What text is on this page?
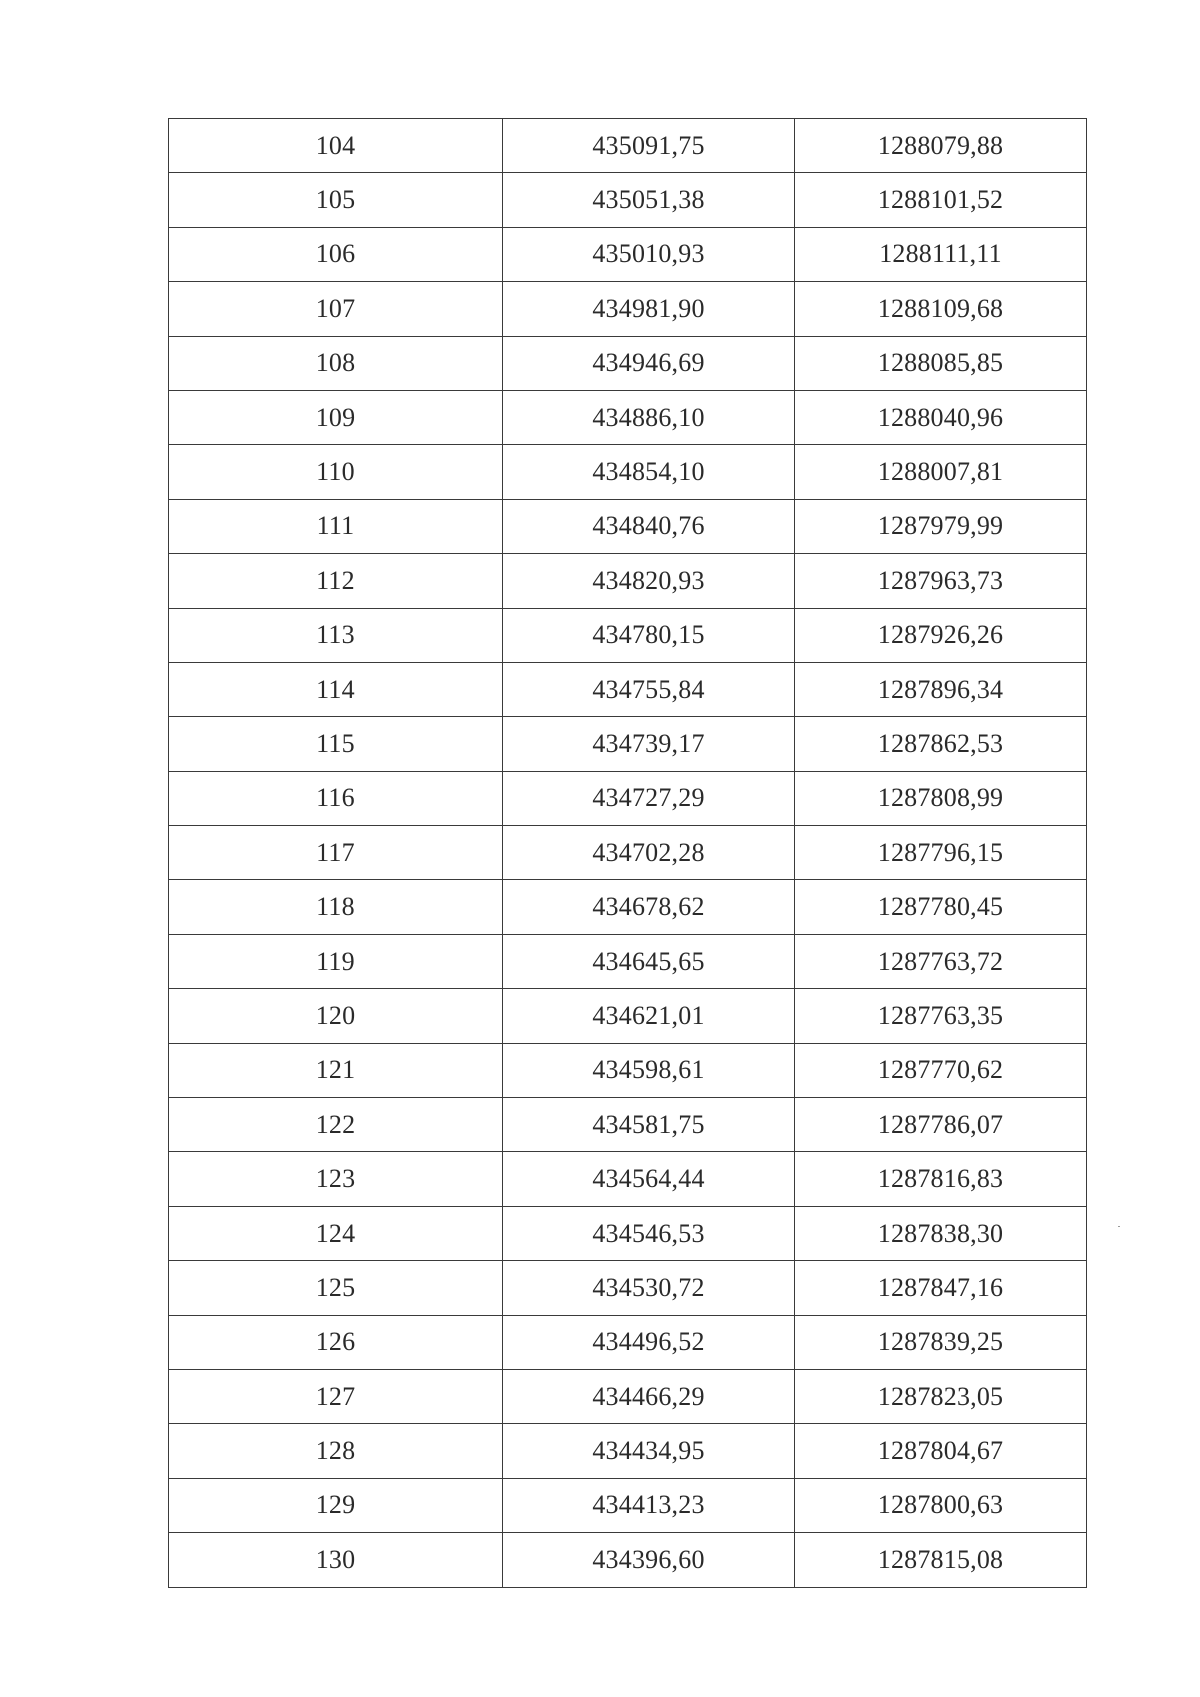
104	435091,75	1288079,88
105	435051,38	1288101,52
106	435010,93	1288111,11
107	434981,90	1288109,68
108	434946,69	1288085,85
109	434886,10	1288040,96
110	434854,10	1288007,81
111	434840,76	1287979,99
112	434820,93	1287963,73
113	434780,15	1287926,26
114	434755,84	1287896,34
115	434739,17	1287862,53
116	434727,29	1287808,99
117	434702,28	1287796,15
118	434678,62	1287780,45
119	434645,65	1287763,72
120	434621,01	1287763,35
121	434598,61	1287770,62
122	434581,75	1287786,07
123	434564,44	1287816,83
124	434546,53	1287838,30
125	434530,72	1287847,16
126	434496,52	1287839,25
127	434466,29	1287823,05
128	434434,95	1287804,67
129	434413,23	1287800,63
130	434396,60	1287815,08
